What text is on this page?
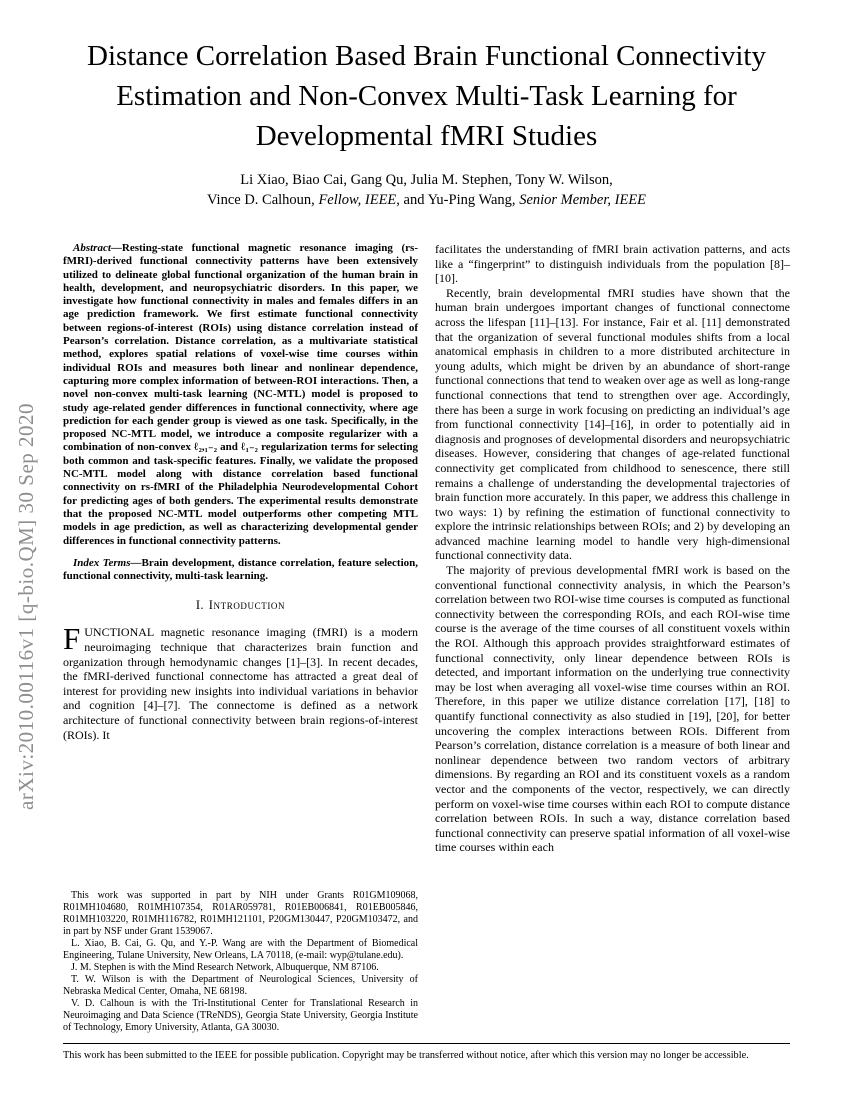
arXiv:2010.00116v1 [q-bio.QM] 30 Sep 2020
Distance Correlation Based Brain Functional Connectivity Estimation and Non-Convex Multi-Task Learning for Developmental fMRI Studies
Li Xiao, Biao Cai, Gang Qu, Julia M. Stephen, Tony W. Wilson,
Vince D. Calhoun, Fellow, IEEE, and Yu-Ping Wang, Senior Member, IEEE

Abstract—Resting-state functional magnetic resonance imaging (rs-fMRI)-derived functional connectivity patterns have been extensively utilized to delineate global functional organization of the human brain in health, development, and neuropsychiatric disorders. In this paper, we investigate how functional connectivity in males and females differs in an age prediction framework. We first estimate functional connectivity between regions-of-interest (ROIs) using distance correlation instead of Pearson’s correlation. Distance correlation, as a multivariate statistical method, explores spatial relations of voxel-wise time courses within individual ROIs and measures both linear and nonlinear dependence, capturing more complex information of between-ROI interactions. Then, a novel non-convex multi-task learning (NC-MTL) model is proposed to study age-related gender differences in functional connectivity, where age prediction for each gender group is viewed as one task. Specifically, in the proposed NC-MTL model, we introduce a composite regularizer with a combination of non-convex ℓ₂,₁₋₂ and ℓ₁₋₂ regularization terms for selecting both common and task-specific features. Finally, we validate the proposed NC-MTL model along with distance correlation based functional connectivity on rs-fMRI of the Philadelphia Neurodevelopmental Cohort for predicting ages of both genders. The experimental results demonstrate that the proposed NC-MTL model outperforms other competing MTL models in age prediction, as well as characterizing developmental gender differences in functional connectivity patterns.

Index Terms—Brain development, distance correlation, feature selection, functional connectivity, multi-task learning.

I. Introduction

FUNCTIONAL magnetic resonance imaging (fMRI) is a modern neuroimaging technique that characterizes brain function and organization through hemodynamic changes [1]–[3]. In recent decades, the fMRI-derived functional connectome has attracted a great deal of interest for providing new insights into individual variations in behavior and cognition [4]–[7]. The connectome is defined as a network architecture of functional connectivity between brain regions-of-interest (ROIs). It

This work was supported in part by NIH under Grants R01GM109068, R01MH104680, R01MH107354, R01AR059781, R01EB006841, R01EB005846, R01MH103220, R01MH116782, R01MH121101, P20GM130447, P20GM103472, and in part by NSF under Grant 1539067.

L. Xiao, B. Cai, G. Qu, and Y.-P. Wang are with the Department of Biomedical Engineering, Tulane University, New Orleans, LA 70118, (e-mail: wyp@tulane.edu).

J. M. Stephen is with the Mind Research Network, Albuquerque, NM 87106.

T. W. Wilson is with the Department of Neurological Sciences, University of Nebraska Medical Center, Omaha, NE 68198.

V. D. Calhoun is with the Tri-Institutional Center for Translational Research in Neuroimaging and Data Science (TReNDS), Georgia State University, Georgia Institute of Technology, Emory University, Atlanta, GA 30030.

facilitates the understanding of fMRI brain activation patterns, and acts like a “fingerprint” to distinguish individuals from the population [8]–[10].

Recently, brain developmental fMRI studies have shown that the human brain undergoes important changes of functional connectome across the lifespan [11]–[13]. For instance, Fair et al. [11] demonstrated that the organization of several functional modules shifts from a local anatomical emphasis in children to a more distributed architecture in young adults, which might be driven by an abundance of short-range functional connections that tend to weaken over age as well as long-range functional connections that tend to strengthen over age. Accordingly, there has been a surge in work focusing on predicting an individual’s age from functional connectivity [14]–[16], in order to potentially aid in diagnosis and prognoses of developmental disorders and neuropsychiatric diseases. However, considering that changes of age-related functional connectivity get complicated from childhood to senescence, there still remains a challenge of understanding the developmental trajectories of brain function more accurately. In this paper, we address this challenge in two ways: 1) by refining the estimation of functional connectivity to explore the intrinsic relationships between ROIs; and 2) by developing an advanced machine learning model to handle very high-dimensional functional connectivity data.

The majority of previous developmental fMRI work is based on the conventional functional connectivity analysis, in which the Pearson’s correlation between two ROI-wise time courses is computed as functional connectivity between the corresponding ROIs, and each ROI-wise time course is the average of the time courses of all constituent voxels within the ROI. Although this approach provides straightforward estimates of functional connectivity, only linear dependence between ROIs is detected, and important information on the underlying true connectivity may be lost when averaging all voxel-wise time courses within an ROI. Therefore, in this paper we utilize distance correlation [17], [18] to quantify functional connectivity as also studied in [19], [20], for better uncovering the complex interactions between ROIs. Different from Pearson’s correlation, distance correlation is a measure of both linear and nonlinear dependence between two random vectors of arbitrary dimensions. By regarding an ROI and its constituent voxels as a random vector and the components of the vector, respectively, we can directly perform on voxel-wise time courses within each ROI to compute distance correlation between ROIs. In such a way, distance correlation based functional connectivity can preserve spatial information of all voxel-wise time courses within each

This work has been submitted to the IEEE for possible publication. Copyright may be transferred without notice, after which this version may no longer be accessible.
